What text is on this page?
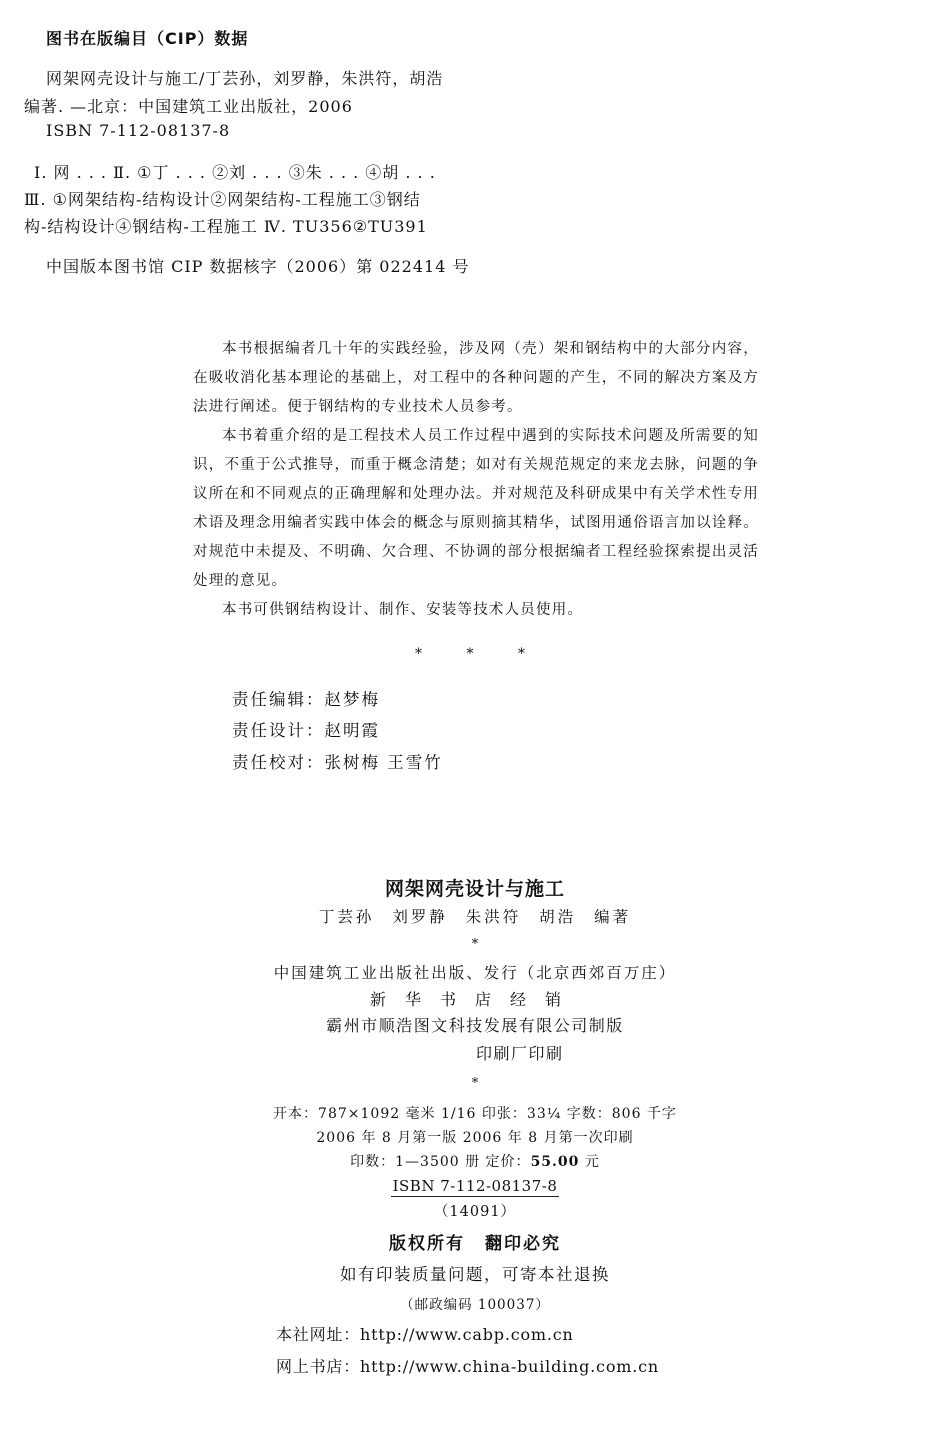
图书在版编目（CIP）数据
网架网壳设计与施工/丁芸孙，刘罗静，朱洪符，胡浩
编著. —北京：中国建筑工业出版社，2006
ISBN 7-112-08137-8
Ⅰ. 网 . . . Ⅱ. ①丁 . . . ②刘 . . . ③朱 . . . ④胡 . . .
Ⅲ. ①网架结构-结构设计②网架结构-工程施工③钢结
构-结构设计④钢结构-工程施工 Ⅳ. TU356②TU391
中国版本图书馆 CIP 数据核字（2006）第 022414 号

本书根据编者几十年的实践经验，涉及网（壳）架和钢结构中的大部分内容，在吸收消化基本理论的基础上，对工程中的各种问题的产生，不同的解决方案及方法进行阐述。便于钢结构的专业技术人员参考。

本书着重介绍的是工程技术人员工作过程中遇到的实际技术问题及所需要的知识，不重于公式推导，而重于概念清楚；如对有关规范规定的来龙去脉，问题的争议所在和不同观点的正确理解和处理办法。并对规范及科研成果中有关学术性专用术语及理念用编者实践中体会的概念与原则摘其精华，试图用通俗语言加以诠释。对规范中未提及、不明确、欠合理、不协调的部分根据编者工程经验探索提出灵活处理的意见。

本书可供钢结构设计、制作、安装等技术人员使用。

* * *
责任编辑：赵梦梅
责任设计：赵明霞
责任校对：张树梅 王雪竹
网架网壳设计与施工
丁芸孙 刘罗静 朱洪符 胡浩 编著
*
中国建筑工业出版社出版、发行（北京西郊百万庄）
新华书店经销
霸州市顺浩图文科技发展有限公司制版
印刷厂印刷
*
开本：787×1092 毫米 1/16 印张：33¼ 字数：806 千字
2006 年 8 月第一版 2006 年 8 月第一次印刷
印数：1—3500 册 定价：55.00 元
ISBN 7-112-08137-8
（14091）
版权所有 翻印必究
如有印装质量问题，可寄本社退换
（邮政编码 100037）
本社网址：http://www.cabp.com.cn
网上书店：http://www.china-building.com.cn
